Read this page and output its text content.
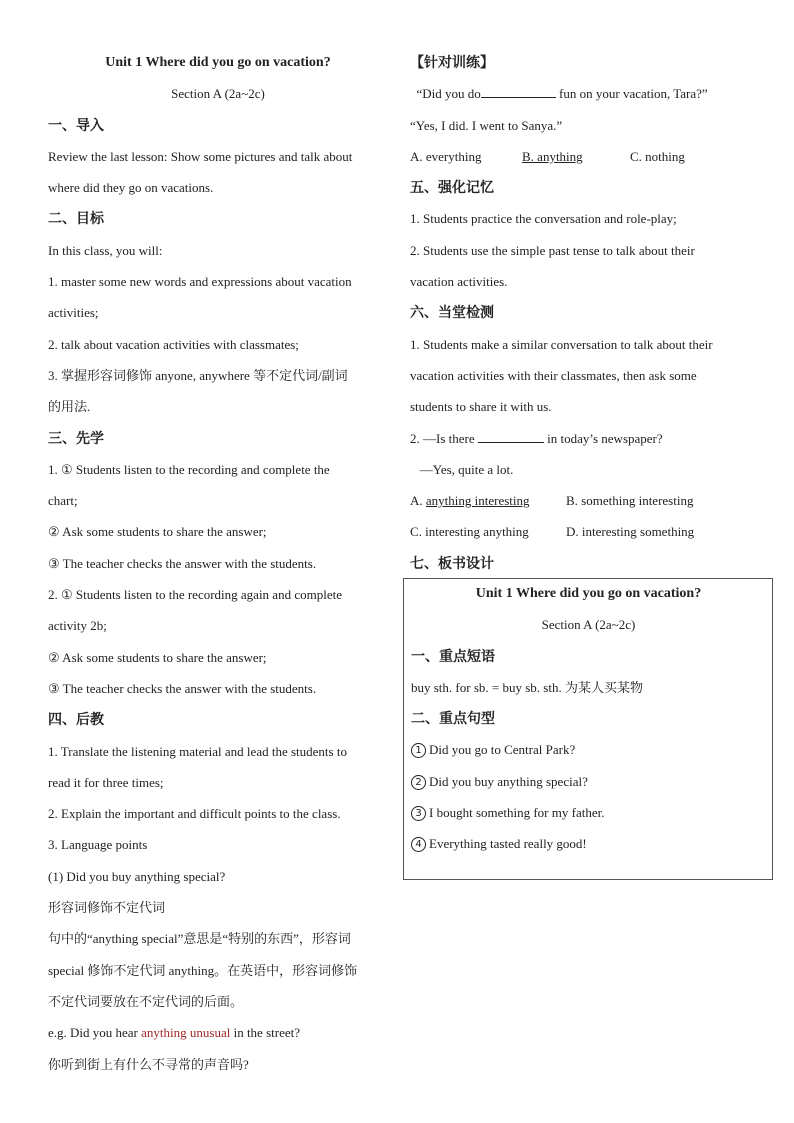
Unit 1 Where did you go on vacation?
Section A (2a~2c)
一、导入
Review the last lesson: Show some pictures and talk about
where did they go on vacations.
二、目标
In this class, you will:
1. master some new words and expressions about vacation
activities;
2. talk about vacation activities with classmates;
3. 掌握形容词修饰 anyone, anywhere 等不定代词/副词
的用法.
三、先学
1. ① Students listen to the recording and complete the
chart;
② Ask some students to share the answer;
③ The teacher checks the answer with the students.
2. ① Students listen to the recording again and complete
activity 2b;
② Ask some students to share the answer;
③ The teacher checks the answer with the students.
四、后教
1. Translate the listening material and lead the students to
read it for three times;
2. Explain the important and difficult points to the class.
3. Language points
(1) Did you buy anything special?
形容词修饰不定代词
句中的“anything special”意思是“特别的东西”，形容词
special 修饰不定代词 anything。在英语中，形容词修饰
不定代词要放在不定代词的后面。
e.g. Did you hear anything unusual in the street?
你听到街上有什么不寻常的声音吗?
【针对训练】
“Did you do	fun on your vacation, Tara?”
“Yes, I did. I went to Sanya.”
A. everything	B. anything	C. nothing
五、强化记忆
1. Students practice the conversation and role-play;
2. Students use the simple past tense to talk about their
vacation activities.
六、当堂检测
1. Students make a similar conversation to talk about their
vacation activities with their classmates, then ask some
students to share it with us.
2. —Is there	in today’s newspaper?
—Yes, quite a lot.
A. anything interesting	B. something interesting
C. interesting anything	D. interesting something
七、板书设计
Unit 1 Where did you go on vacation?
Section A (2a~2c)
一、重点短语
buy sth. for sb. = buy sb. sth. 为某人买某物
二、重点句型
1 Did you go to Central Park?
2 Did you buy anything special?
3 I bought something for my father.
4 Everything tasted really good!
